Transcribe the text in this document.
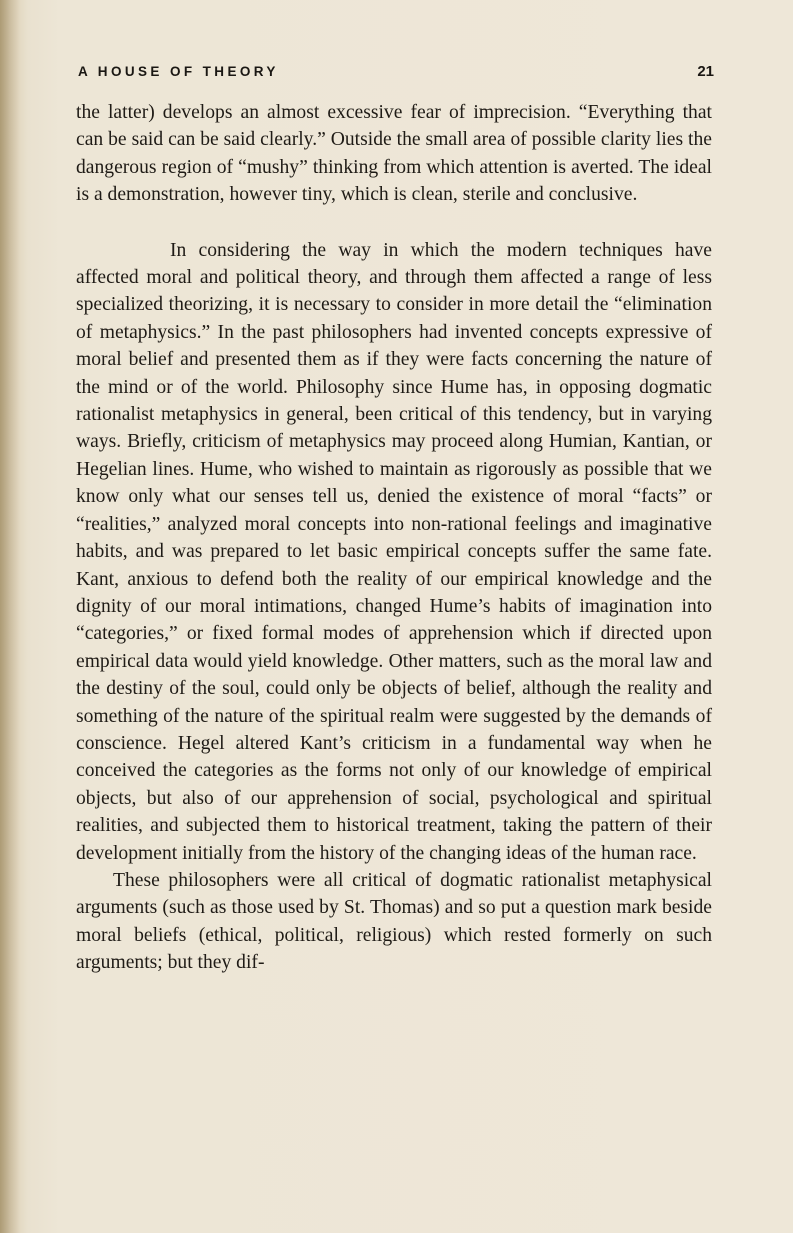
A HOUSE OF THEORY	21

the latter) develops an almost excessive fear of imprecision. “Everything that can be said can be said clearly.” Outside the small area of possible clarity lies the dangerous region of “mushy” thinking from which attention is averted. The ideal is a demonstration, however tiny, which is clean, sterile and conclusive.

In considering the way in which the modern techniques have affected moral and political theory, and through them affected a range of less specialized theorizing, it is necessary to consider in more detail the “elimination of metaphysics.” In the past philosophers had invented concepts expressive of moral belief and presented them as if they were facts concerning the nature of the mind or of the world. Philosophy since Hume has, in opposing dogmatic rationalist metaphysics in general, been critical of this tendency, but in varying ways. Briefly, criticism of metaphysics may proceed along Humian, Kantian, or Hegelian lines. Hume, who wished to maintain as rigorously as possible that we know only what our senses tell us, denied the existence of moral “facts” or “realities,” analyzed moral concepts into non-rational feelings and imaginative habits, and was prepared to let basic empirical concepts suffer the same fate. Kant, anxious to defend both the reality of our empirical knowledge and the dignity of our moral intimations, changed Hume’s habits of imagination into “categories,” or fixed formal modes of apprehension which if directed upon empirical data would yield knowledge. Other matters, such as the moral law and the destiny of the soul, could only be objects of belief, although the reality and something of the nature of the spiritual realm were suggested by the demands of conscience. Hegel altered Kant’s criticism in a fundamental way when he conceived the categories as the forms not only of our knowledge of empirical objects, but also of our apprehension of social, psychological and spiritual realities, and subjected them to historical treatment, taking the pattern of their development initially from the history of the changing ideas of the human race.

These philosophers were all critical of dogmatic rationalist metaphysical arguments (such as those used by St. Thomas) and so put a question mark beside moral beliefs (ethical, political, religious) which rested formerly on such arguments; but they dif-
